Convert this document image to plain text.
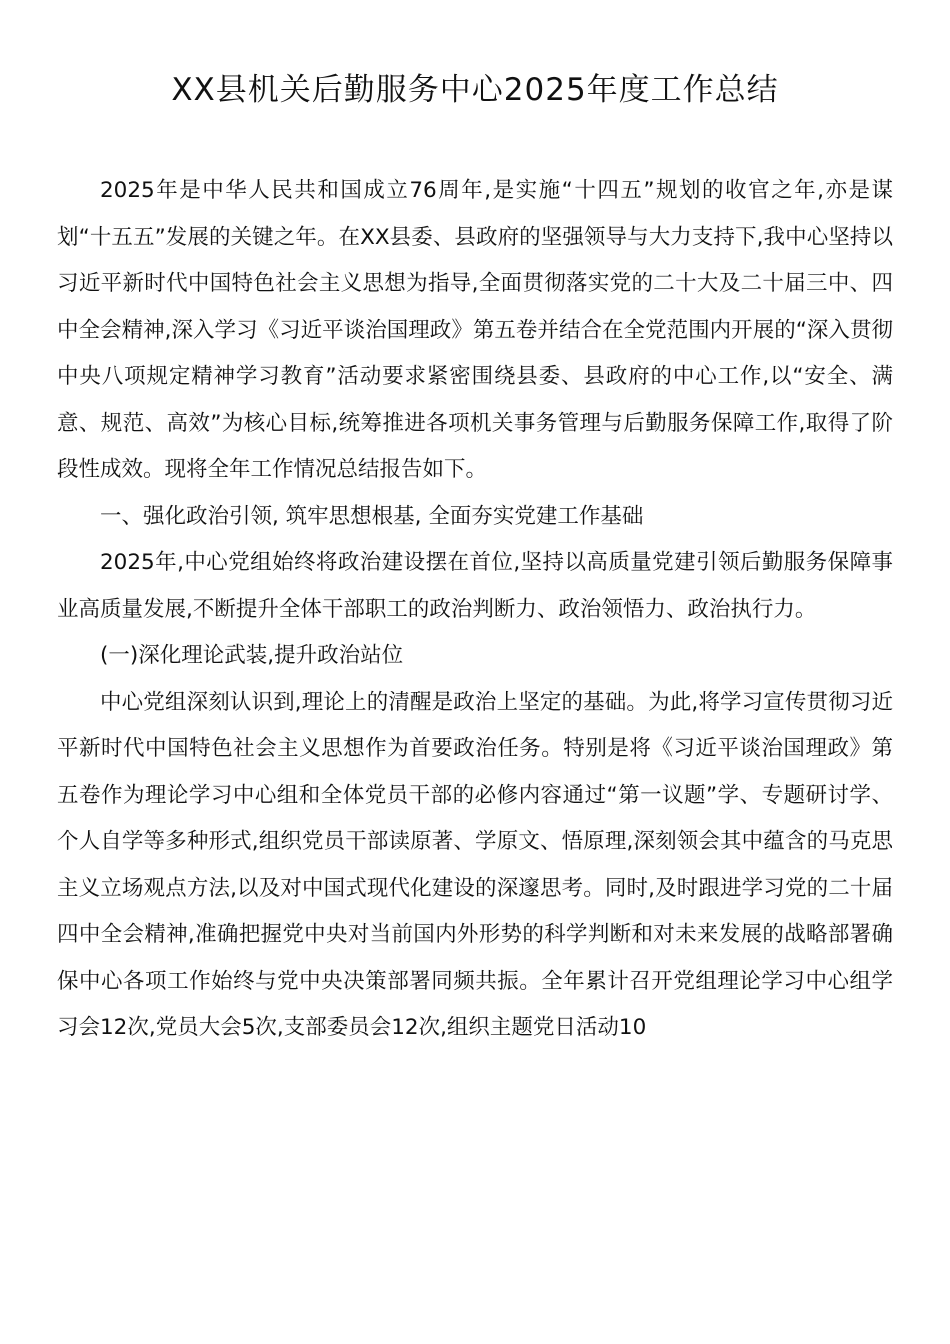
XX县机关后勤服务中心2025年度工作总结

2025年是中华人民共和国成立76周年,是实施“十四五”规划的收官之年,亦是谋划“十五五”发展的关键之年。在XX县委、县政府的坚强领导与大力支持下,我中心坚持以习近平新时代中国特色社会主义思想为指导,全面贯彻落实党的二十大及二十届三中、四中全会精神,深入学习《习近平谈治国理政》第五卷并结合在全党范围内开展的“深入贯彻中央八项规定精神学习教育”活动要求紧密围绕县委、县政府的中心工作,以“安全、满意、规范、高效”为核心目标,统筹推进各项机关事务管理与后勤服务保障工作,取得了阶段性成效。现将全年工作情况总结报告如下。

一、强化政治引领, 筑牢思想根基, 全面夯实党建工作基础

2025年,中心党组始终将政治建设摆在首位,坚持以高质量党建引领后勤服务保障事业高质量发展,不断提升全体干部职工的政治判断力、政治领悟力、政治执行力。

(一)深化理论武装,提升政治站位

中心党组深刻认识到,理论上的清醒是政治上坚定的基础。为此,将学习宣传贯彻习近平新时代中国特色社会主义思想作为首要政治任务。特别是将《习近平谈治国理政》第五卷作为理论学习中心组和全体党员干部的必修内容通过“第一议题”学、专题研讨学、个人自学等多种形式,组织党员干部读原著、学原文、悟原理,深刻领会其中蕴含的马克思主义立场观点方法,以及对中国式现代化建设的深邃思考。同时,及时跟进学习党的二十届四中全会精神,准确把握党中央对当前国内外形势的科学判断和对未来发展的战略部署确保中心各项工作始终与党中央决策部署同频共振。全年累计召开党组理论学习中心组学习会12次,党员大会5次,支部委员会12次,组织主题党日活动10
